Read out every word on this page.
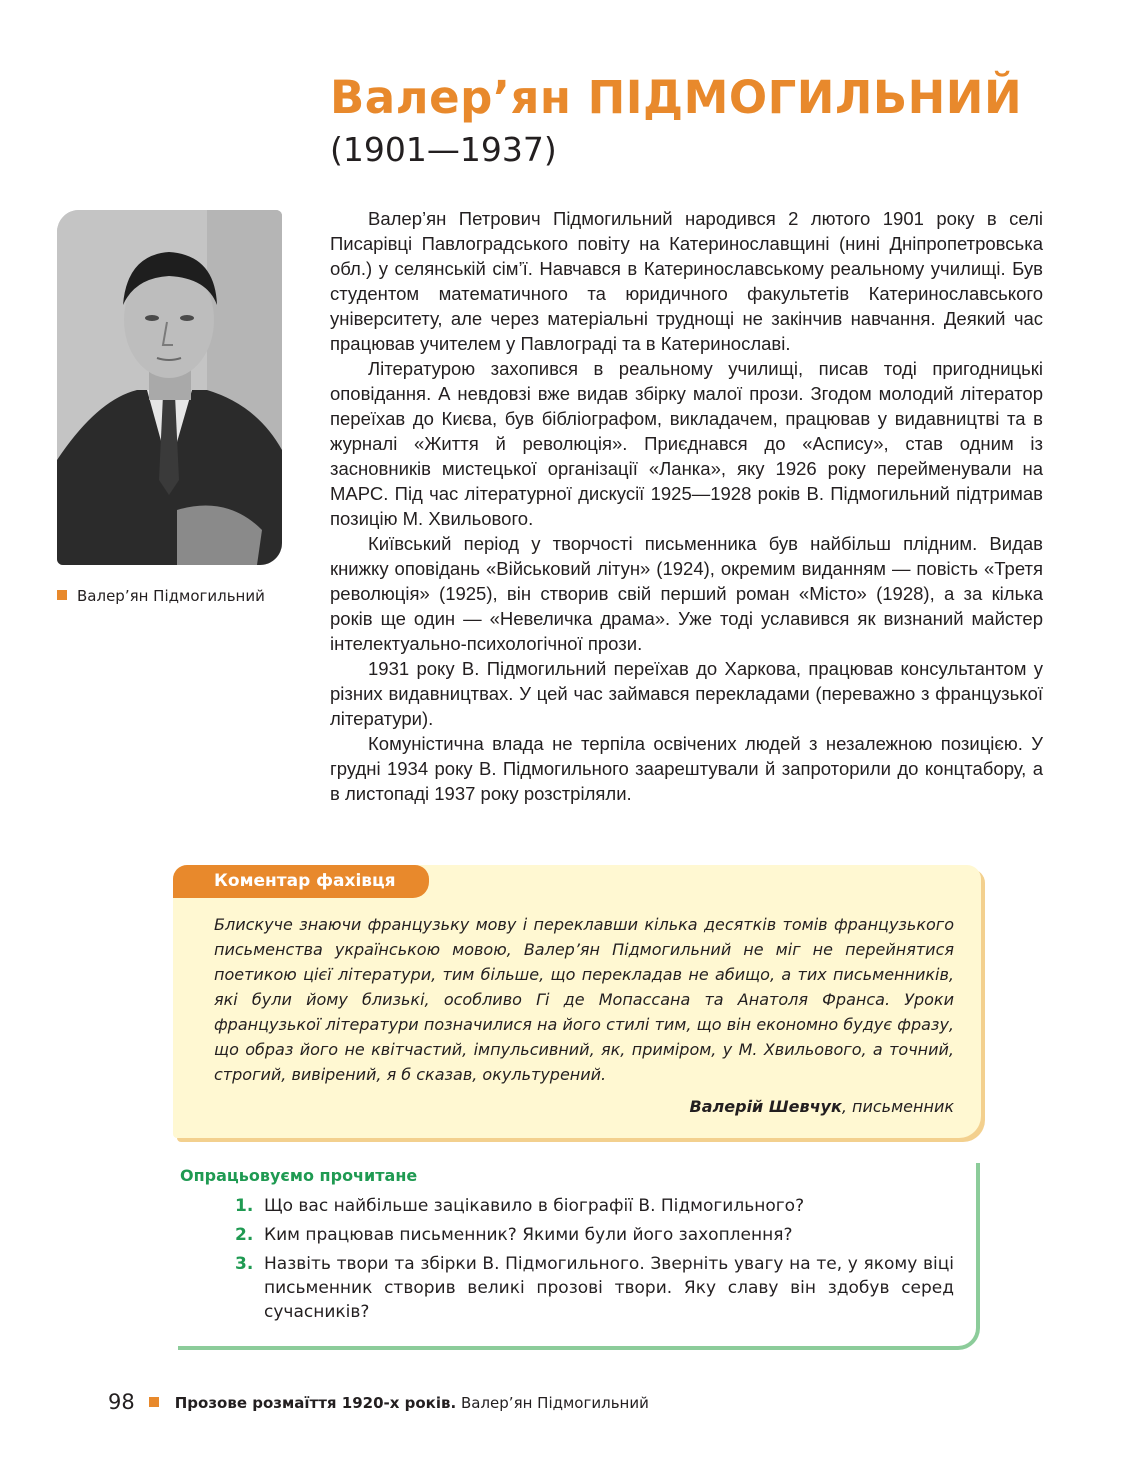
Валер’ян ПІДМОГИЛЬНИЙ
(1901—1937)
Валер’ян Підмогильний

Валер’ян Петрович Підмогильний народився 2 лютого 1901 року в селі Писарівці Павлоградського повіту на Катеринославщині (нині Дніпропетровська обл.) у селянській сім’ї. Навчався в Катеринославському реальному училищі. Був студентом математичного та юридичного факультетів Катеринославського університету, але через матеріальні труднощі не закінчив навчання. Деякий час працював учителем у Павлограді та в Катеринославі.

Літературою захопився в реальному училищі, писав тоді пригодницькі оповідання. А невдовзі вже видав збірку малої прози. Згодом молодий літератор переїхав до Києва, був бібліографом, викладачем, працював у видавництві та в журналі «Життя й революція». Приєднався до «Аспису», став одним із засновників мистецької організації «Ланка», яку 1926 року перейменували на МАРС. Під час літературної дискусії 1925—1928 років В. Підмогильний підтримав позицію М. Хвильового.

Київський період у творчості письменника був найбільш плідним. Видав книжку оповідань «Військовий літун» (1924), окремим виданням — повість «Третя революція» (1925), він створив свій перший роман «Місто» (1928), а за кілька років ще один — «Невеличка драма». Уже тоді уславився як визнаний майстер інтелектуально-психологічної прози.

1931 року В. Підмогильний переїхав до Харкова, працював консультантом у різних видавництвах. У цей час займався перекладами (переважно з французької літератури).

Комуністична влада не терпіла освічених людей з незалежною позицією. У грудні 1934 року В. Підмогильного заарештували й запроторили до концтабору, а в листопаді 1937 року розстріляли.

Коментар фахівця
Блискуче знаючи французьку мову і переклавши кілька десятків томів французького письменства українською мовою, Валер’ян Підмогильний не міг не перейнятися поетикою цієї літератури, тим більше, що перекладав не абищо, а тих письменників, які були йому близькі, особливо Гі де Мопассана та Анатоля Франса. Уроки французької літератури позначилися на його стилі тим, що він економно будує фразу, що образ його не квітчастий, імпульсивний, як, приміром, у М. Хвильового, а точний, строгий, вивірений, я б сказав, окультурений.
Валерій Шевчук, письменник
Опрацьовуємо прочитане
1. Що вас найбільше зацікавило в біографії В. Підмогильного?
2. Ким працював письменник? Якими були його захоплення?
3. Назвіть твори та збірки В. Підмогильного. Зверніть увагу на те, у якому віці письменник створив великі прозові твори. Яку славу він здобув серед сучасників?
98	Прозове розмаїття 1920-х років. Валер’ян Підмогильний
